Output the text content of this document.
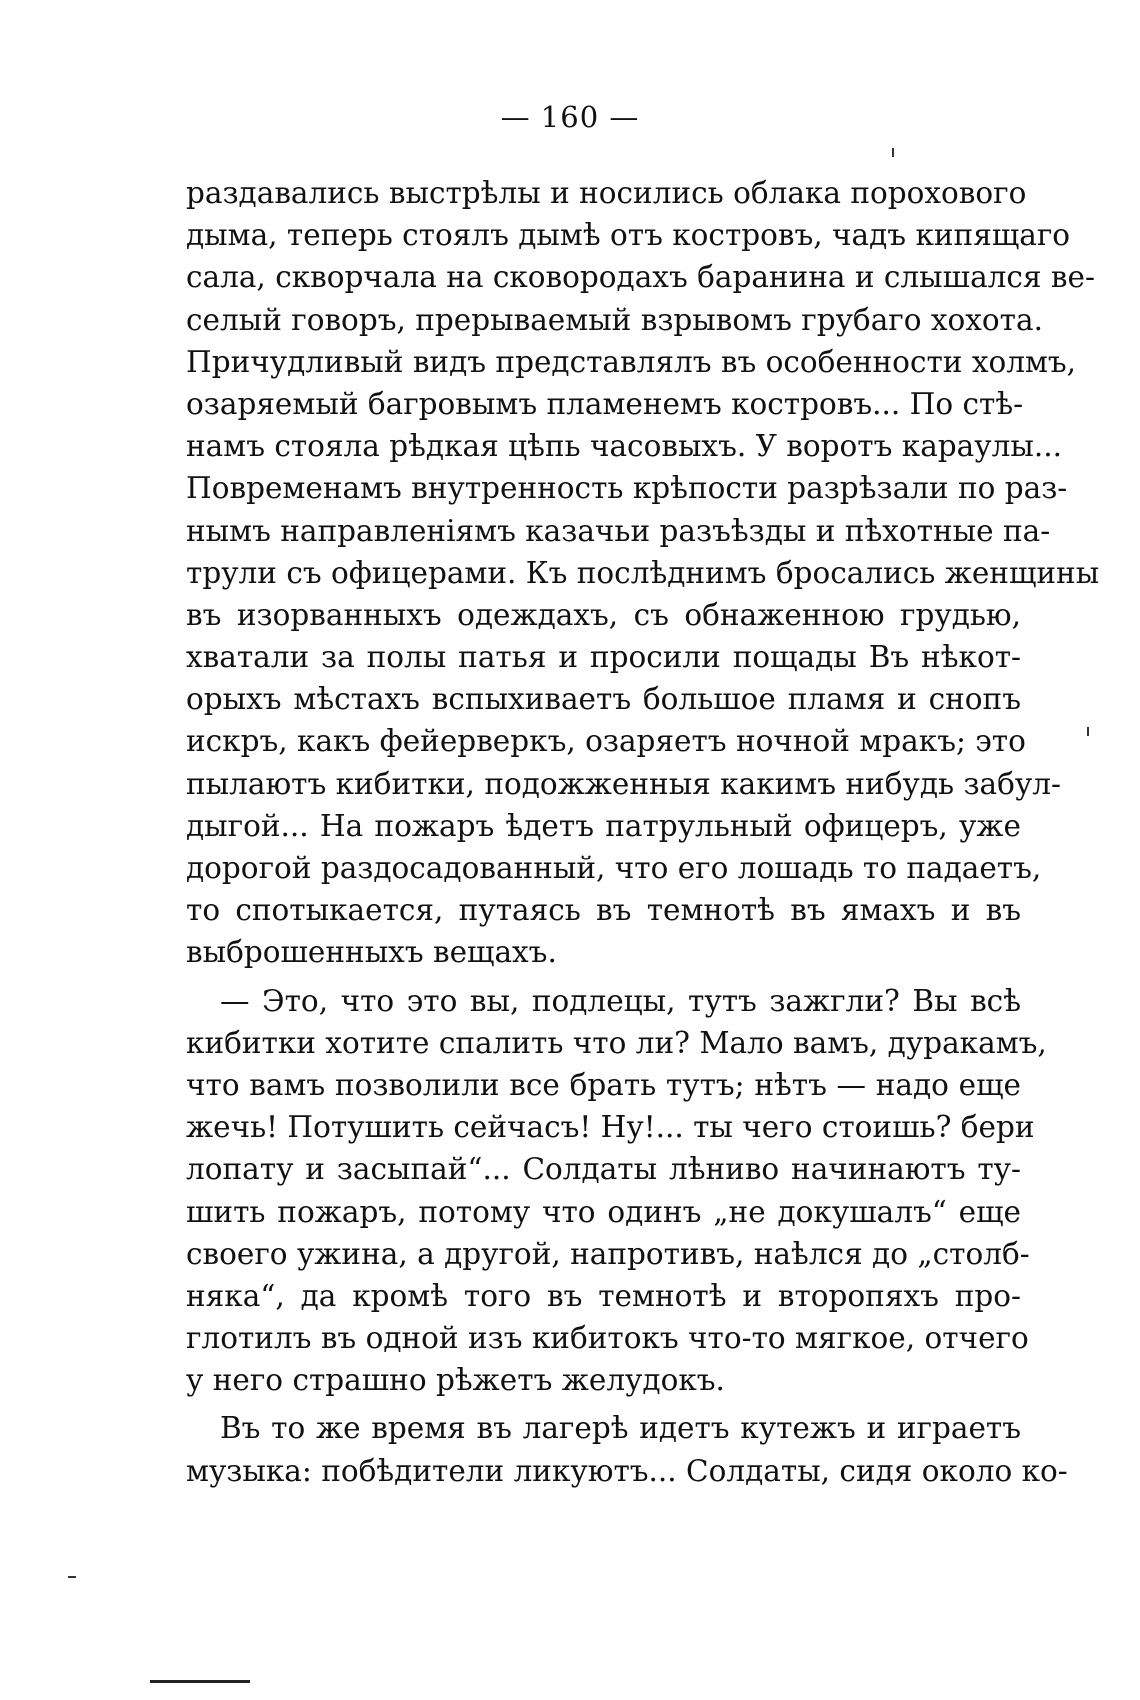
— 160 —

раздавались выстрѣлы и носились облака порохового
дыма, теперь стоялъ дымѣ отъ костровъ, чадъ кипящаго
сала, скворчала на сковородахъ баранина и слышался ве-
селый говоръ, прерываемый взрывомъ грубаго хохота.
Причудливый видъ представлялъ въ особенности холмъ,
озаряемый багровымъ пламенемъ костровъ... По стѣ-
намъ стояла рѣдкая цѣпь часовыхъ. У воротъ караулы...
Повременамъ внутренность крѣпости разрѣзали по раз-
нымъ направленіямъ казачьи разъѣзды и пѣхотные па-
трули съ офицерами. Къ послѣднимъ бросались женщины
въ изорванныхъ одеждахъ, съ обнаженною грудью,
хватали за полы патья и просили пощады Въ нѣкот-
орыхъ мѣстахъ вспыхиваетъ большое пламя и снопъ
искръ, какъ фейерверкъ, озаряетъ ночной мракъ; это
пылаютъ кибитки, подожженныя какимъ нибудь забул-
дыгой... На пожаръ ѣдетъ патрульный офицеръ, уже
дорогой раздосадованный, что его лошадь то падаетъ,
то спотыкается, путаясь въ темнотѣ въ ямахъ и въ
выброшенныхъ вещахъ.
— Это, что это вы, подлецы, тутъ зажгли? Вы всѣ
кибитки хотите спалить что ли? Мало вамъ, дуракамъ,
что вамъ позволили все брать тутъ; нѣтъ — надо еще
жечь! Потушить сейчасъ! Ну!... ты чего стоишь? бери
лопату и засыпай“... Солдаты лѣниво начинаютъ ту-
шить пожаръ, потому что одинъ „не докушалъ“ еще
своего ужина, а другой, напротивъ, наѣлся до „столб-
няка“, да кромѣ того въ темнотѣ и второпяхъ про-
глотилъ въ одной изъ кибитокъ что-то мягкое, отчего
у него страшно рѣжетъ желудокъ.
Въ то же время въ лагерѣ идетъ кутежъ и играетъ
музыка: побѣдители ликуютъ... Солдаты, сидя около ко-
